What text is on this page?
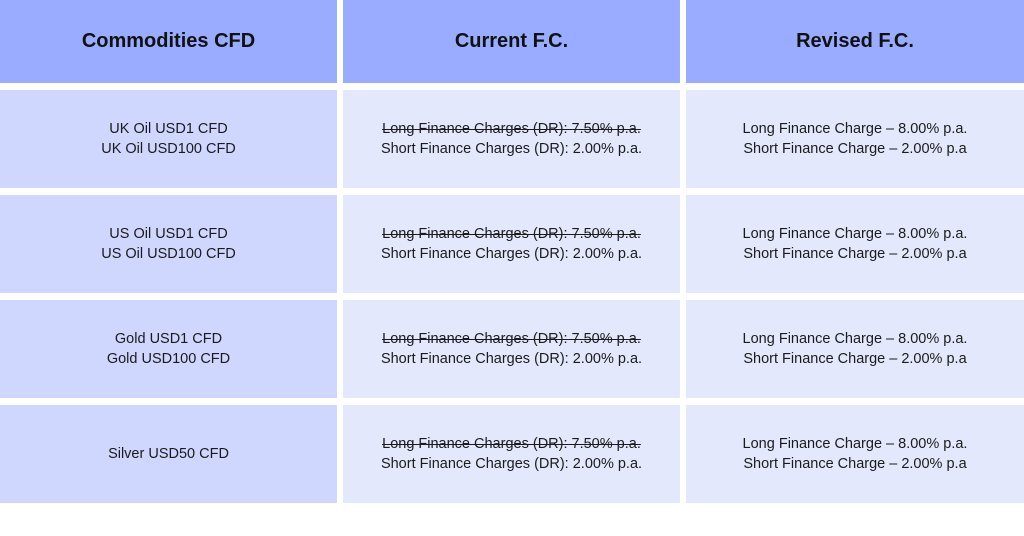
Commodities CFD	Current F.C.	Revised F.C.
UK Oil USD1 CFD
UK Oil USD100 CFD
Long Finance Charges (DR): 7.50% p.a.
Short Finance Charges (DR): 2.00% p.a.
Long Finance Charge – 8.00% p.a.
Short Finance Charge – 2.00% p.a
US Oil USD1 CFD
US Oil USD100 CFD
Long Finance Charges (DR): 7.50% p.a.
Short Finance Charges (DR): 2.00% p.a.
Long Finance Charge – 8.00% p.a.
Short Finance Charge – 2.00% p.a
Gold USD1 CFD
Gold USD100 CFD
Long Finance Charges (DR): 7.50% p.a.
Short Finance Charges (DR): 2.00% p.a.
Long Finance Charge – 8.00% p.a.
Short Finance Charge – 2.00% p.a
Silver USD50 CFD
Long Finance Charges (DR): 7.50% p.a.
Short Finance Charges (DR): 2.00% p.a.
Long Finance Charge – 8.00% p.a.
Short Finance Charge – 2.00% p.a
